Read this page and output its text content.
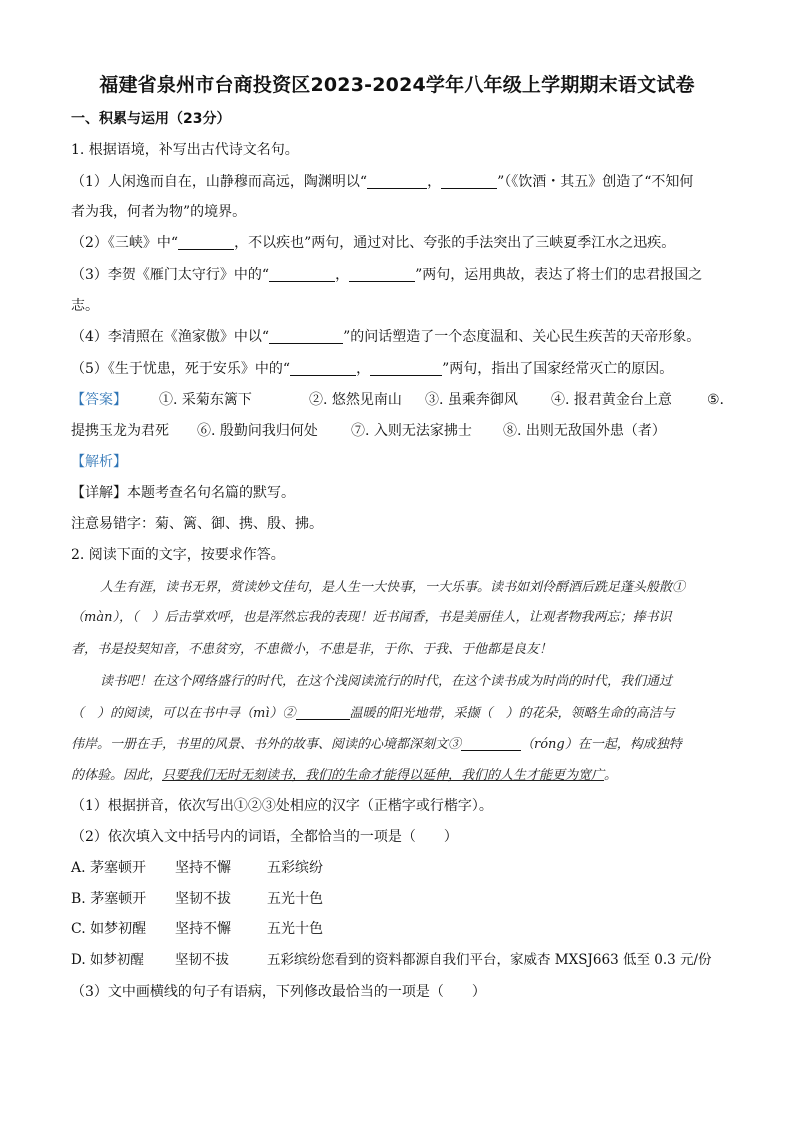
福建省泉州市台商投资区2023-2024学年八年级上学期期末语文试卷
一、积累与运用（23分）
1. 根据语境，补写出古代诗文名句。
（1）人闲逸而自在，山静穆而高远，陶渊明以“	，	”（《饮酒・其五》创造了“不知何
者为我，何者为物”的境界。
（2）《三峡》中“	，不以疾也”两句，通过对比、夸张的手法突出了三峡夏季江水之迅疾。
（3）李贺《雁门太守行》中的“	，	”两句，运用典故，表达了将士们的忠君报国之
志。
（4）李清照在《渔家傲》中以“	”的问话塑造了一个态度温和、关心民生疾苦的天帝形象。
（5）《生于忧患，死于安乐》中的“	，	”两句，指出了国家经常灭亡的原因。
【答案】 ①. 采菊东篱下	②. 悠然见南山 ③. 虽乘奔御风 ④. 报君黄金台上意	⑤.
提携玉龙为君死 ⑥. 殷勤问我归何处 ⑦. 入则无法家拂士 ⑧. 出则无敌国外患（者）
【解析】
【详解】本题考查名句名篇的默写。
注意易错字：菊、篱、御、携、殷、拂。
2. 阅读下面的文字，按要求作答。
人生有涯，读书无界，赏读妙文佳句，是人生一大快事，一大乐事。读书如刘伶酹酒后跣足蓬头般散①
（màn），（　）后击掌欢呼，也是浑然忘我的表现！近书闻香，书是美丽佳人，让观者物我两忘；捧书识
者，书是投契知音，不患贫穷，不患微小，不患是非，于你、于我、于他都是良友！
读书吧！在这个网络盛行的时代，在这个浅阅读流行的时代，在这个读书成为时尚的时代，我们通过
（　）的阅读，可以在书中寻（mì）②	温暖的阳光地带，采撷（　）的花朵，领略生命的高洁与
伟岸。一册在手，书里的风景、书外的故事、阅读的心境都深刻文③	（róng）在一起，构成独特
的体验。因此，只要我们无时无刻读书，我们的生命才能得以延伸，我们的人生才能更为宽广。
（1）根据拼音，依次写出①②③处相应的汉字（正楷字或行楷字）。
（2）依次填入文中括号内的词语，全都恰当的一项是（　　）
A. 茅塞顿开 坚持不懈	五彩缤纷
B. 茅塞顿开 坚韧不拔	五光十色
C. 如梦初醒 坚持不懈	五光十色
D. 如梦初醒 坚韧不拔	五彩缤纷您看到的资料都源自我们平台，家威杏 MXSJ663 低至 0.3 元/份
（3）文中画横线的句子有语病，下列修改最恰当的一项是（　　）
